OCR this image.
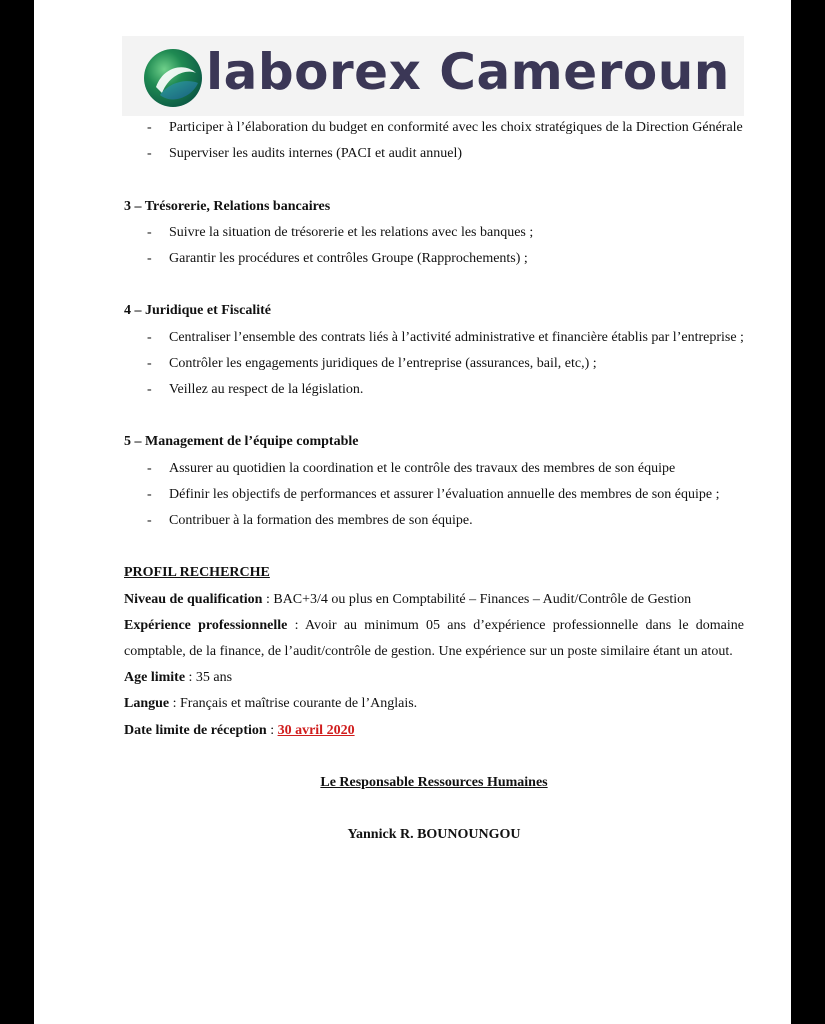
laborex Cameroun
- Participer à l’élaboration du budget en conformité avec les choix stratégiques de la Direction Générale
- Superviser les audits internes (PACI et audit annuel)
3 – Trésorerie, Relations bancaires
- Suivre la situation de trésorerie et les relations avec les banques ;
- Garantir les procédures et contrôles Groupe (Rapprochements) ;
4 – Juridique et Fiscalité
- Centraliser l’ensemble des contrats liés à l’activité administrative et financière établis par l’entreprise ;
- Contrôler les engagements juridiques de l’entreprise (assurances, bail, etc,) ;
- Veillez au respect de la législation.
5 – Management de l’équipe comptable
- Assurer au quotidien la coordination et le contrôle des travaux des membres de son équipe
- Définir les objectifs de performances et assurer l’évaluation annuelle des membres de son équipe ;
- Contribuer à la formation des membres de son équipe.
PROFIL RECHERCHE
Niveau de qualification : BAC+3/4 ou plus en Comptabilité – Finances – Audit/Contrôle de Gestion
Expérience professionnelle : Avoir au minimum 05 ans d’expérience professionnelle dans le domaine comptable, de la finance, de l’audit/contrôle de gestion. Une expérience sur un poste similaire étant un atout.
Age limite : 35 ans
Langue : Français et maîtrise courante de l’Anglais.
Date limite de réception : 30 avril 2020
Le Responsable Ressources Humaines
Yannick R. BOUNOUNGOU
